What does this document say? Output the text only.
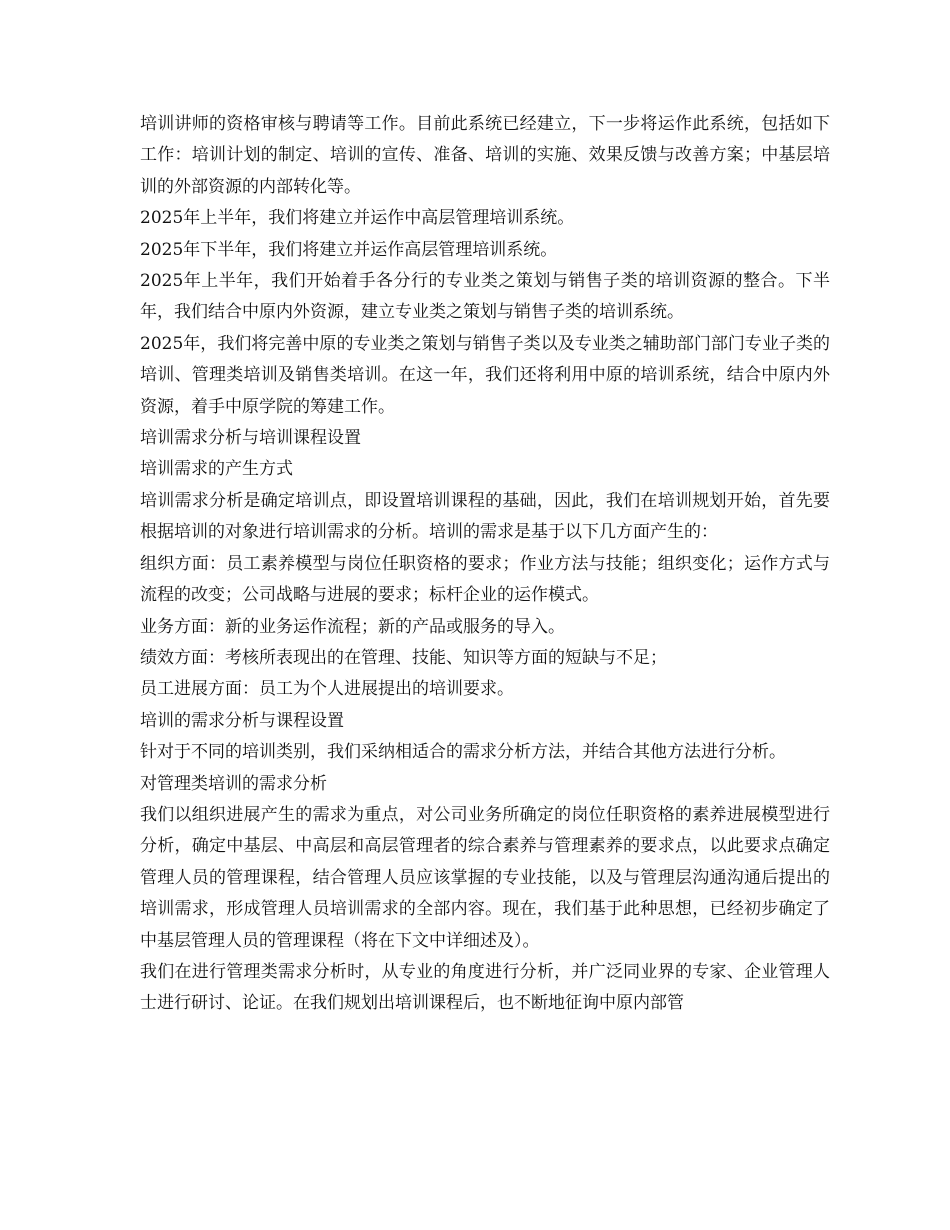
培训讲师的资格审核与聘请等工作。目前此系统已经建立，下一步将运作此系统，包括如下工作：培训计划的制定、培训的宣传、准备、培训的实施、效果反馈与改善方案；中基层培训的外部资源的内部转化等。

2025年上半年，我们将建立并运作中高层管理培训系统。

2025年下半年，我们将建立并运作高层管理培训系统。

2025年上半年，我们开始着手各分行的专业类之策划与销售子类的培训资源的整合。下半年，我们结合中原内外资源，建立专业类之策划与销售子类的培训系统。

2025年，我们将完善中原的专业类之策划与销售子类以及专业类之辅助部门部门专业子类的培训、管理类培训及销售类培训。在这一年，我们还将利用中原的培训系统，结合中原内外资源，着手中原学院的筹建工作。

培训需求分析与培训课程设置

培训需求的产生方式

培训需求分析是确定培训点，即设置培训课程的基础，因此，我们在培训规划开始，首先要根据培训的对象进行培训需求的分析。培训的需求是基于以下几方面产生的：

组织方面：员工素养模型与岗位任职资格的要求；作业方法与技能；组织变化；运作方式与流程的改变；公司战略与进展的要求；标杆企业的运作模式。

业务方面：新的业务运作流程；新的产品或服务的导入。

绩效方面：考核所表现出的在管理、技能、知识等方面的短缺与不足；

员工进展方面：员工为个人进展提出的培训要求。

培训的需求分析与课程设置

针对于不同的培训类别，我们采纳相适合的需求分析方法，并结合其他方法进行分析。

对管理类培训的需求分析

我们以组织进展产生的需求为重点，对公司业务所确定的岗位任职资格的素养进展模型进行分析，确定中基层、中高层和高层管理者的综合素养与管理素养的要求点，以此要求点确定管理人员的管理课程，结合管理人员应该掌握的专业技能，以及与管理层沟通沟通后提出的培训需求，形成管理人员培训需求的全部内容。现在，我们基于此种思想，已经初步确定了中基层管理人员的管理课程（将在下文中详细述及）。

我们在进行管理类需求分析时，从专业的角度进行分析，并广泛同业界的专家、企业管理人士进行研讨、论证。在我们规划出培训课程后，也不断地征询中原内部管
